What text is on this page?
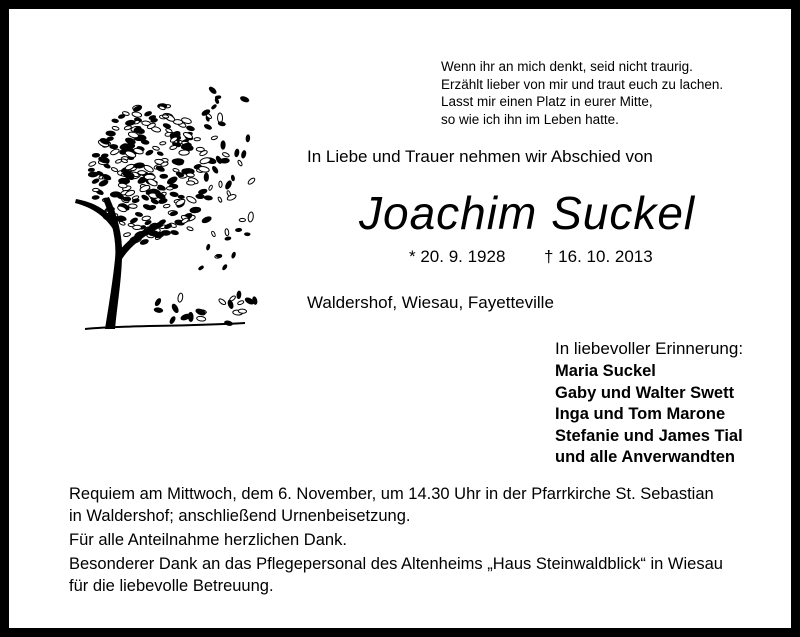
Wenn ihr an mich denkt, seid nicht traurig.
Erzählt lieber von mir und traut euch zu lachen.
Lasst mir einen Platz in eurer Mitte,
so wie ich ihn im Leben hatte.
In Liebe und Trauer nehmen wir Abschied von
Joachim Suckel
* 20. 9. 1928 † 16. 10. 2013
Waldershof, Wiesau, Fayetteville
In liebevoller Erinnerung:
Maria Suckel
Gaby und Walter Swett
Inga und Tom Marone
Stefanie und James Tial
und alle Anverwandten

Requiem am Mittwoch, dem 6. November, um 14.30 Uhr in der Pfarrkirche St. Sebastian

in Waldershof; anschließend Urnenbeisetzung.

Für alle Anteilnahme herzlichen Dank.

Besonderer Dank an das Pflegepersonal des Altenheims „Haus Steinwaldblick“ in Wiesau

für die liebevolle Betreuung.
